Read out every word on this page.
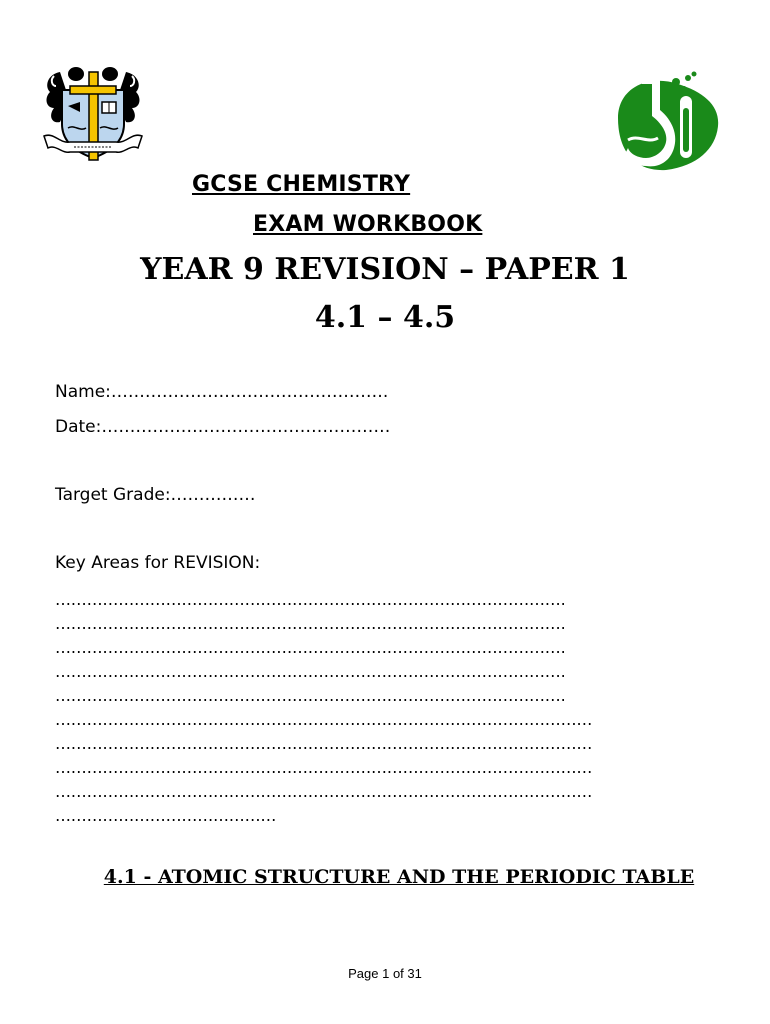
GCSE CHEMISTRY
EXAM WORKBOOK
YEAR 9 REVISION – PAPER 1
4.1 – 4.5
Name:………………………………………….
Date:……………………………………………
Target Grade:……………
Key Areas for REVISION:
…………………………………………………………………………………….
…………………………………………………………………………………….
…………………………………………………………………………………….
…………………………………………………………………………………….
…………………………………………………………………………………….
…………………………………………………………………………………………
…………………………………………………………………………………………
…………………………………………………………………………………………
…………………………………………………………………………………………
……………………………………
4.1 - ATOMIC STRUCTURE AND THE PERIODIC TABLE
Page 1 of 31
